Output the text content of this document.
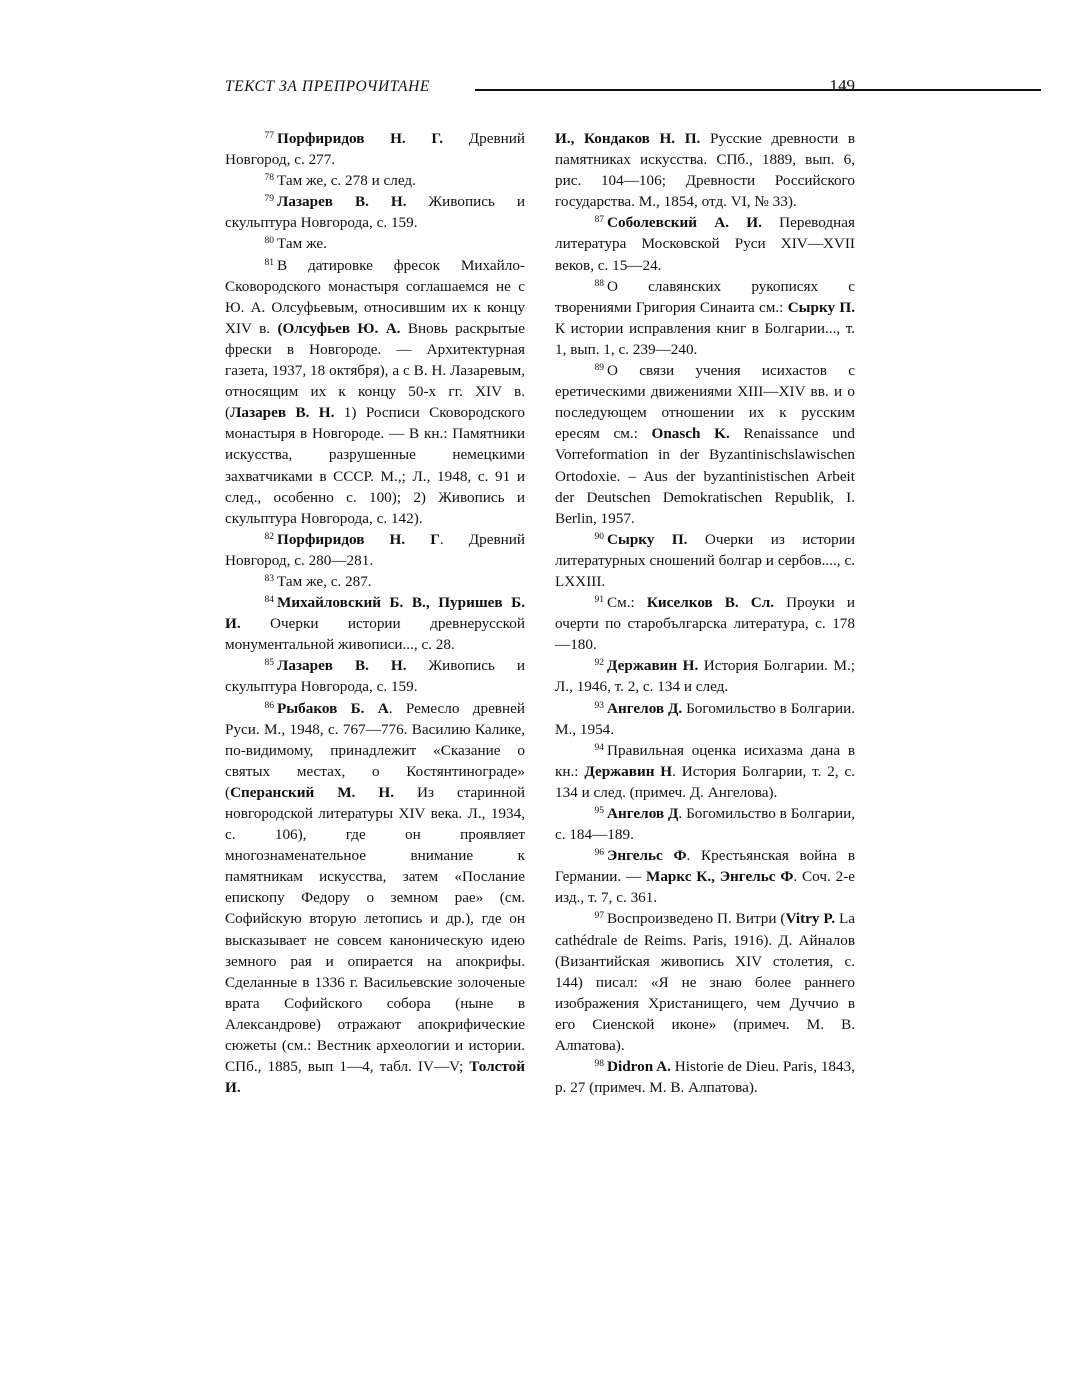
ТЕКСТ ЗА ПРЕПРОЧИТАНЕ	149

$^{77}$ Порфиридов Н. Г. Древний Новгород, с. 277.

$^{78}$ Там же, с. 278 и след.

$^{79}$ Лазарев В. Н. Живопись и скульптура Новгорода, с. 159.

$^{80}$ Там же.

$^{81}$ В датировке фресок Михайло-Сковородского монастыря соглашаемся не с Ю. А. Олсуфьевым, относившим их к концу XIV в. (Олсуфьев Ю. А. Вновь раскрытые фрески в Новгороде. — Архитектурная газета, 1937, 18 октября), а с В. Н. Лазаревым, относящим их к концу 50-х гг. XIV в. (Лазарев В. Н. 1) Росписи Сковородского монастыря в Новгороде. — В кн.: Памятники искусства, разрушенные немецкими захватчиками в СССР. М.,; Л., 1948, с. 91 и след., особенно с. 100); 2) Живопись и скульптура Новгорода, с. 142).

$^{82}$ Порфиридов Н. Г. Древний Новгород, с. 280—281.

$^{83}$ Там же, с. 287.

$^{84}$ Михайловский Б. В., Пуришев Б. И. Очерки истории древнерусской монументальной живописи..., с. 28.

$^{85}$ Лазарев В. Н. Живопись и скульптура Новгорода, с. 159.

$^{86}$ Рыбаков Б. А. Ремесло древней Руси. М., 1948, с. 767—776. Василию Калике, по-видимому, принадлежит «Сказание о святых местах, о Костянтинограде» (Сперанский М. Н. Из старинной новгородской литературы XIV века. Л., 1934, с. 106), где он проявляет многознаменательное внимание к памятникам искусства, затем «Послание епископу Федору о земном рае» (см. Софийскую вторую летопись и др.), где он высказывает не совсем каноническую идею земного рая и опирается на апокрифы. Сделанные в 1336 г. Васильевские золоченые врата Софийского собора (ныне в Александрове) отражают апокрифические сюжеты (см.: Вестник археологии и истории. СПб., 1885, вып 1—4, табл. IV—V; Толстой И.

И., Кондаков Н. П. Русские древности в памятниках искусства. СПб., 1889, вып. 6, рис. 104—106; Древности Российского государства. М., 1854, отд. VI, № 33).

$^{87}$ Соболевский А. И. Переводная литература Московской Руси XIV—XVII веков, с. 15—24.

$^{88}$ О славянских рукописях с творениями Григория Синаита см.: Сырку П. К истории исправления книг в Болгарии..., т. 1, вып. 1, с. 239—240.

$^{89}$ О связи учения исихастов с еретическими движениями XIII—XIV вв. и о последующем отношении их к русским ересям см.: Onasch K. Renaissance und Vorreformation in der Byzantinischslawischen Ortodoxie. – Aus der byzantinistischen Arbeit der Deutschen Demokratischen Republik, I. Berlin, 1957.

$^{90}$ Сырку П. Очерки из истории литературных сношений болгар и сербов...., с. LXXIII.

$^{91}$ См.: Киселков В. Сл. Проуки и очерти по старобългарска литература, с. 178—180.

$^{92}$ Державин Н. История Болгарии. М.; Л., 1946, т. 2, с. 134 и след.

$^{93}$ Ангелов Д. Богомильство в Болгарии. М., 1954.

$^{94}$ Правильная оценка исихазма дана в кн.: Державин Н. История Болгарии, т. 2, с. 134 и след. (примеч. Д. Ангелова).

$^{95}$ Ангелов Д. Богомильство в Болгарии, с. 184—189.

$^{96}$ Энгельс Ф. Крестьянская война в Германии. — Маркс К., Энгельс Ф. Соч. 2-е изд., т. 7, с. 361.

$^{97}$ Воспроизведено П. Витри (Vitry P. La cathédrale de Reims. Paris, 1916). Д. Айналов (Византийская живопись XIV столетия, с. 144) писал: «Я не знаю более раннего изображения Христанищего, чем Дуччио в его Сиенской иконе» (примеч. М. В. Алпатова).

$^{98}$ Didron A. Historie de Dieu. Paris, 1843, p. 27 (примеч. М. В. Алпатова).
